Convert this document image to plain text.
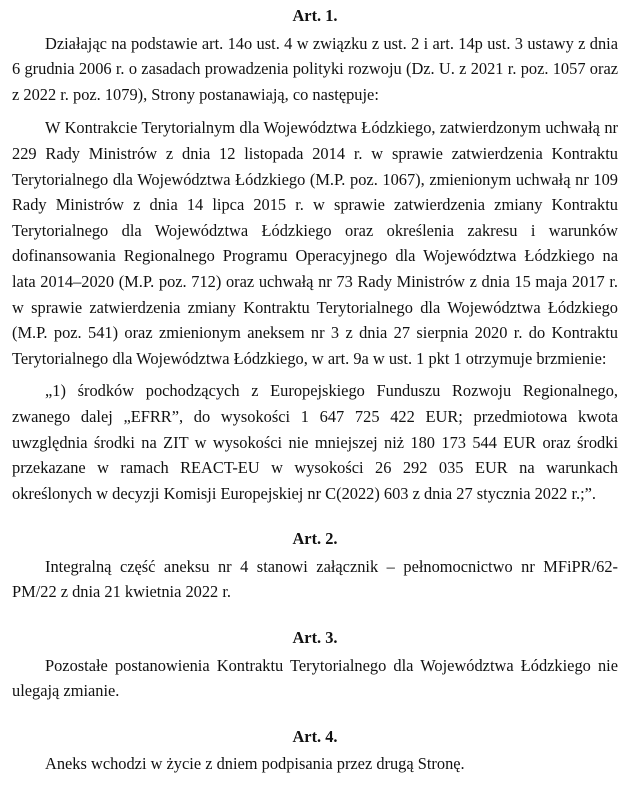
Art. 1.

Działając na podstawie art. 14o ust. 4 w związku z ust. 2 i art. 14p ust. 3 ustawy z dnia 6 grudnia 2006 r. o zasadach prowadzenia polityki rozwoju (Dz. U. z 2021 r. poz. 1057 oraz z 2022 r. poz. 1079), Strony postanawiają, co następuje:

W Kontrakcie Terytorialnym dla Województwa Łódzkiego, zatwierdzonym uchwałą nr 229 Rady Ministrów z dnia 12 listopada 2014 r. w sprawie zatwierdzenia Kontraktu Terytorialnego dla Województwa Łódzkiego (M.P. poz. 1067), zmienionym uchwałą nr 109 Rady Ministrów z dnia 14 lipca 2015 r. w sprawie zatwierdzenia zmiany Kontraktu Terytorialnego dla Województwa Łódzkiego oraz określenia zakresu i warunków dofinansowania Regionalnego Programu Operacyjnego dla Województwa Łódzkiego na lata 2014–2020 (M.P. poz. 712) oraz uchwałą nr 73 Rady Ministrów z dnia 15 maja 2017 r. w sprawie zatwierdzenia zmiany Kontraktu Terytorialnego dla Województwa Łódzkiego (M.P. poz. 541) oraz zmienionym aneksem nr 3 z dnia 27 sierpnia 2020 r. do Kontraktu Terytorialnego dla Województwa Łódzkiego, w art. 9a w ust. 1 pkt 1 otrzymuje brzmienie:

„1) środków pochodzących z Europejskiego Funduszu Rozwoju Regionalnego, zwanego dalej „EFRR”, do wysokości 1 647 725 422 EUR; przedmiotowa kwota uwzględnia środki na ZIT w wysokości nie mniejszej niż 180 173 544 EUR oraz środki przekazane w ramach REACT-EU w wysokości 26 292 035 EUR na warunkach określonych w decyzji Komisji Europejskiej nr C(2022) 603 z dnia 27 stycznia 2022 r.;”.

Art. 2.

Integralną część aneksu nr 4 stanowi załącznik – pełnomocnictwo nr MFiPR/62-PM/22 z dnia 21 kwietnia 2022 r.

Art. 3.

Pozostałe postanowienia Kontraktu Terytorialnego dla Województwa Łódzkiego nie ulegają zmianie.

Art. 4.

Aneks wchodzi w życie z dniem podpisania przez drugą Stronę.
